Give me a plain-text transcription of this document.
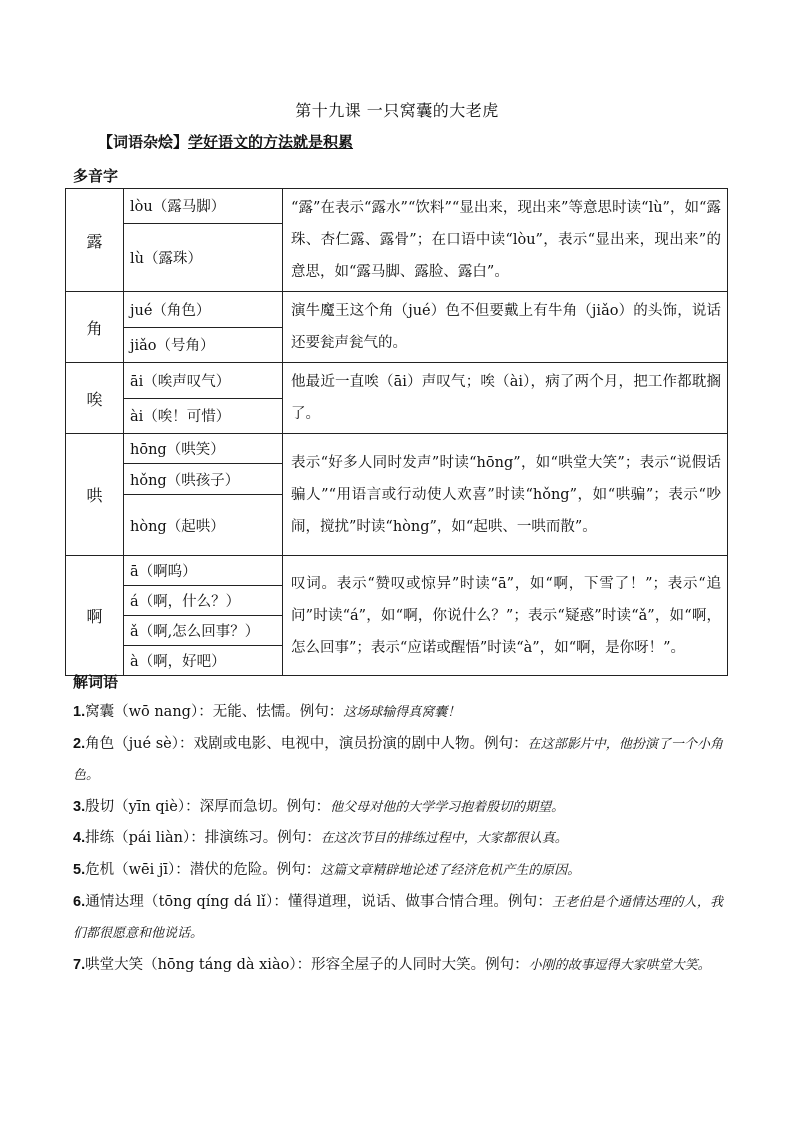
第十九课 一只窝囊的大老虎
【词语杂烩】学好语文的方法就是积累
多音字
露	lòu（露马脚）	“露”在表示“露水”“饮料”“显出来，现出来”等意思时读“lù”，如“露珠、杏仁露、露骨”；在口语中读“lòu”，表示“显出来，现出来”的意思，如“露马脚、露脸、露白”。
	lù（露珠）	
角	jué（角色）	演牛魔王这个角（jué）色不但要戴上有牛角（jiǎo）的头饰，说话还要瓮声瓮气的。
	jiǎo（号角）	
唉	āi（唉声叹气）	他最近一直唉（āi）声叹气；唉（ài），病了两个月，把工作都耽搁了。
	ài（唉！可惜）	
哄	hōng（哄笑）	表示“好多人同时发声”时读“hōng”，如“哄堂大笑”；表示“说假话骗人”“用语言或行动使人欢喜”时读“hǒng”，如“哄骗”；表示“吵闹，搅扰”时读“hòng”，如“起哄、一哄而散”。
	hǒng（哄孩子）	
	hòng（起哄）	
啊	ā（啊呜）	叹词。表示“赞叹或惊异”时读“ā”，如“啊，下雪了！”；表示“追问”时读“á”，如“啊，你说什么？”；表示“疑惑”时读“ǎ”，如“啊，怎么回事”；表示“应诺或醒悟”时读“à”，如“啊，是你呀！”。
	á（啊，什么？）	
	ǎ（啊,怎么回事？）	
	à（啊，好吧）	
解词语

1.窝囊（wō nang）：无能、怯懦。例句：这场球输得真窝囊！

2.角色（jué sè）：戏剧或电影、电视中，演员扮演的剧中人物。例句：在这部影片中，他扮演了一个小角色。

3.殷切（yīn qiè）：深厚而急切。例句：他父母对他的大学学习抱着殷切的期望。

4.排练（pái liàn）：排演练习。例句：在这次节目的排练过程中，大家都很认真。

5.危机（wēi jī）：潜伏的危险。例句：这篇文章精辟地论述了经济危机产生的原因。

6.通情达理（tōng qíng dá lǐ）：懂得道理，说话、做事合情合理。例句：王老伯是个通情达理的人，我们都很愿意和他说话。

7.哄堂大笑（hōng táng dà xiào）：形容全屋子的人同时大笑。例句：小刚的故事逗得大家哄堂大笑。
